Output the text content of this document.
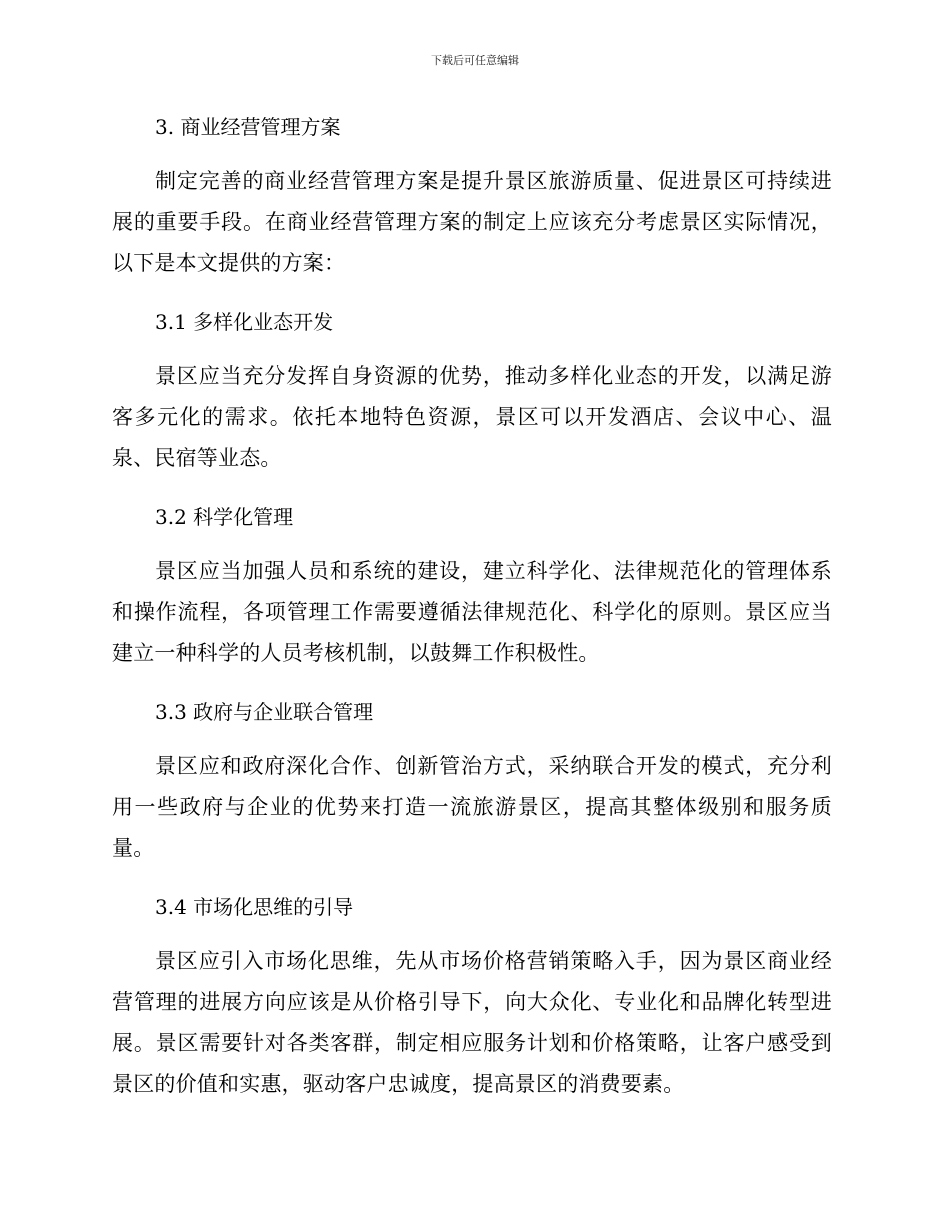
下载后可任意编辑
3. 商业经营管理方案

制定完善的商业经营管理方案是提升景区旅游质量、促进景区可持续进展的重要手段。在商业经营管理方案的制定上应该充分考虑景区实际情况，以下是本文提供的方案：

3.1 多样化业态开发

景区应当充分发挥自身资源的优势，推动多样化业态的开发，以满足游客多元化的需求。依托本地特色资源，景区可以开发酒店、会议中心、温泉、民宿等业态。

3.2 科学化管理

景区应当加强人员和系统的建设，建立科学化、法律规范化的管理体系和操作流程，各项管理工作需要遵循法律规范化、科学化的原则。景区应当建立一种科学的人员考核机制，以鼓舞工作积极性。

3.3 政府与企业联合管理

景区应和政府深化合作、创新管治方式，采纳联合开发的模式，充分利用一些政府与企业的优势来打造一流旅游景区，提高其整体级别和服务质量。

3.4 市场化思维的引导

景区应引入市场化思维，先从市场价格营销策略入手，因为景区商业经营管理的进展方向应该是从价格引导下，向大众化、专业化和品牌化转型进展。景区需要针对各类客群，制定相应服务计划和价格策略，让客户感受到景区的价值和实惠，驱动客户忠诚度，提高景区的消费要素。
